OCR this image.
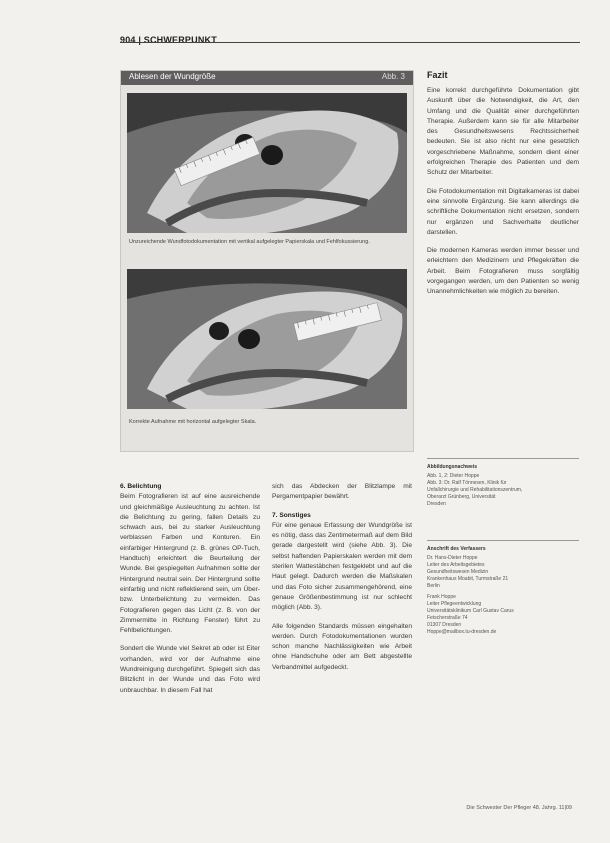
904 | SCHWERPUNKT
Ablesen der Wundgröße	Abb. 3
Unzureichende Wundfotodokumentation mit vertikal aufgelegter Papierskala und Fehlfokussierung.
Korrekte Aufnahme mit horizontal aufgelegter Skala.
Fazit

Eine korrekt durchgeführte Dokumentation gibt Auskunft über die Notwendigkeit, die Art, den Umfang und die Qualität einer durchgeführten Therapie. Außerdem kann sie für alle Mitarbeiter des Gesundheitswesens Rechtssicherheit bedeuten. Sie ist also nicht nur eine gesetzlich vorgeschriebene Maßnahme, sondern dient einer erfolgreichen Therapie des Patienten und dem Schutz der Mitarbeiter.

Die Fotodokumentation mit Digitalkameras ist dabei eine sinnvolle Ergänzung. Sie kann allerdings die schriftliche Dokumentation nicht ersetzen, sondern nur ergänzen und Sachverhalte deutlicher darstellen.

Die modernen Kameras werden immer besser und erleichtern den Medizinern und Pflegekräften die Arbeit. Beim Fotografieren muss sorgfältig vorgegangen werden, um den Patienten so wenig Unannehmlichkeiten wie möglich zu bereiten.

6. Belichtung
Beim Fotografieren ist auf eine ausreichende und gleichmäßige Ausleuchtung zu achten. Ist die Belichtung zu gering, fallen Details zu schwach aus, bei zu starker Ausleuchtung verblassen Farben und Konturen. Ein einfarbiger Hintergrund (z. B. grünes OP-Tuch, Handtuch) erleichtert die Beurteilung der Wunde. Bei gespiegelten Aufnahmen sollte der Hintergrund neutral sein. Der Hintergrund sollte einfarbig und nicht reflektierend sein, um Über- bzw. Unterbelichtung zu vermeiden. Das Fotografieren gegen das Licht (z. B. von der Zimmermitte in Richtung Fenster) führt zu Fehlbelichtungen.

Sondert die Wunde viel Sekret ab oder ist Eiter vorhanden, wird vor der Aufnahme eine Wundreinigung durchgeführt. Spiegelt sich das Blitzlicht in der Wunde und das Foto wird unbrauchbar. In diesem Fall hat

sich das Abdecken der Blitzlampe mit Pergamentpapier bewährt.

7. Sonstiges
Für eine genaue Erfassung der Wundgröße ist es nötig, dass das Zentimetermaß auf dem Bild gerade dargestellt wird (siehe Abb. 3). Die selbst haftenden Papierskalen werden mit dem sterilen Wattestäbchen festgeklebt und auf die Haut gelegt. Dadurch werden die Maßskalen und das Foto sicher zusammengehörend, eine genaue Größenbestimmung ist nur schlecht möglich (Abb. 3).

Alle folgenden Standards müssen eingehalten werden. Durch Fotodokumentationen wurden schon manche Nachlässigkeiten wie Arbeit ohne Handschuhe oder am Bett abgestellte Verbandmittel aufgedeckt.

Abbildungsnachweis
Abb. 1, 2: Dieter Hoppe
Abb. 3: Dr. Ralf Tönnesen, Klinik für
Unfallchirurgie und Rehabilitationszentrum,
Oberarzt Grünberg, Universität
Dresden
Anschrift des Verfassers
Dr. Hans-Dieter Hoppe
Leiter des Arbeitsgebietes
Gesundheitswesen Medizin
Krankenhaus Moabit, Turmstraße 21
Berlin
Frank Hoppe
Leiter Pflegeentwicklung
Universitätsklinikum Carl Gustav Carus
Fetscherstraße 74
01307 Dresden
Hoppe@mailbox.tu-dresden.de
Die Schwester Der Pfleger 48. Jahrg. 11|09
